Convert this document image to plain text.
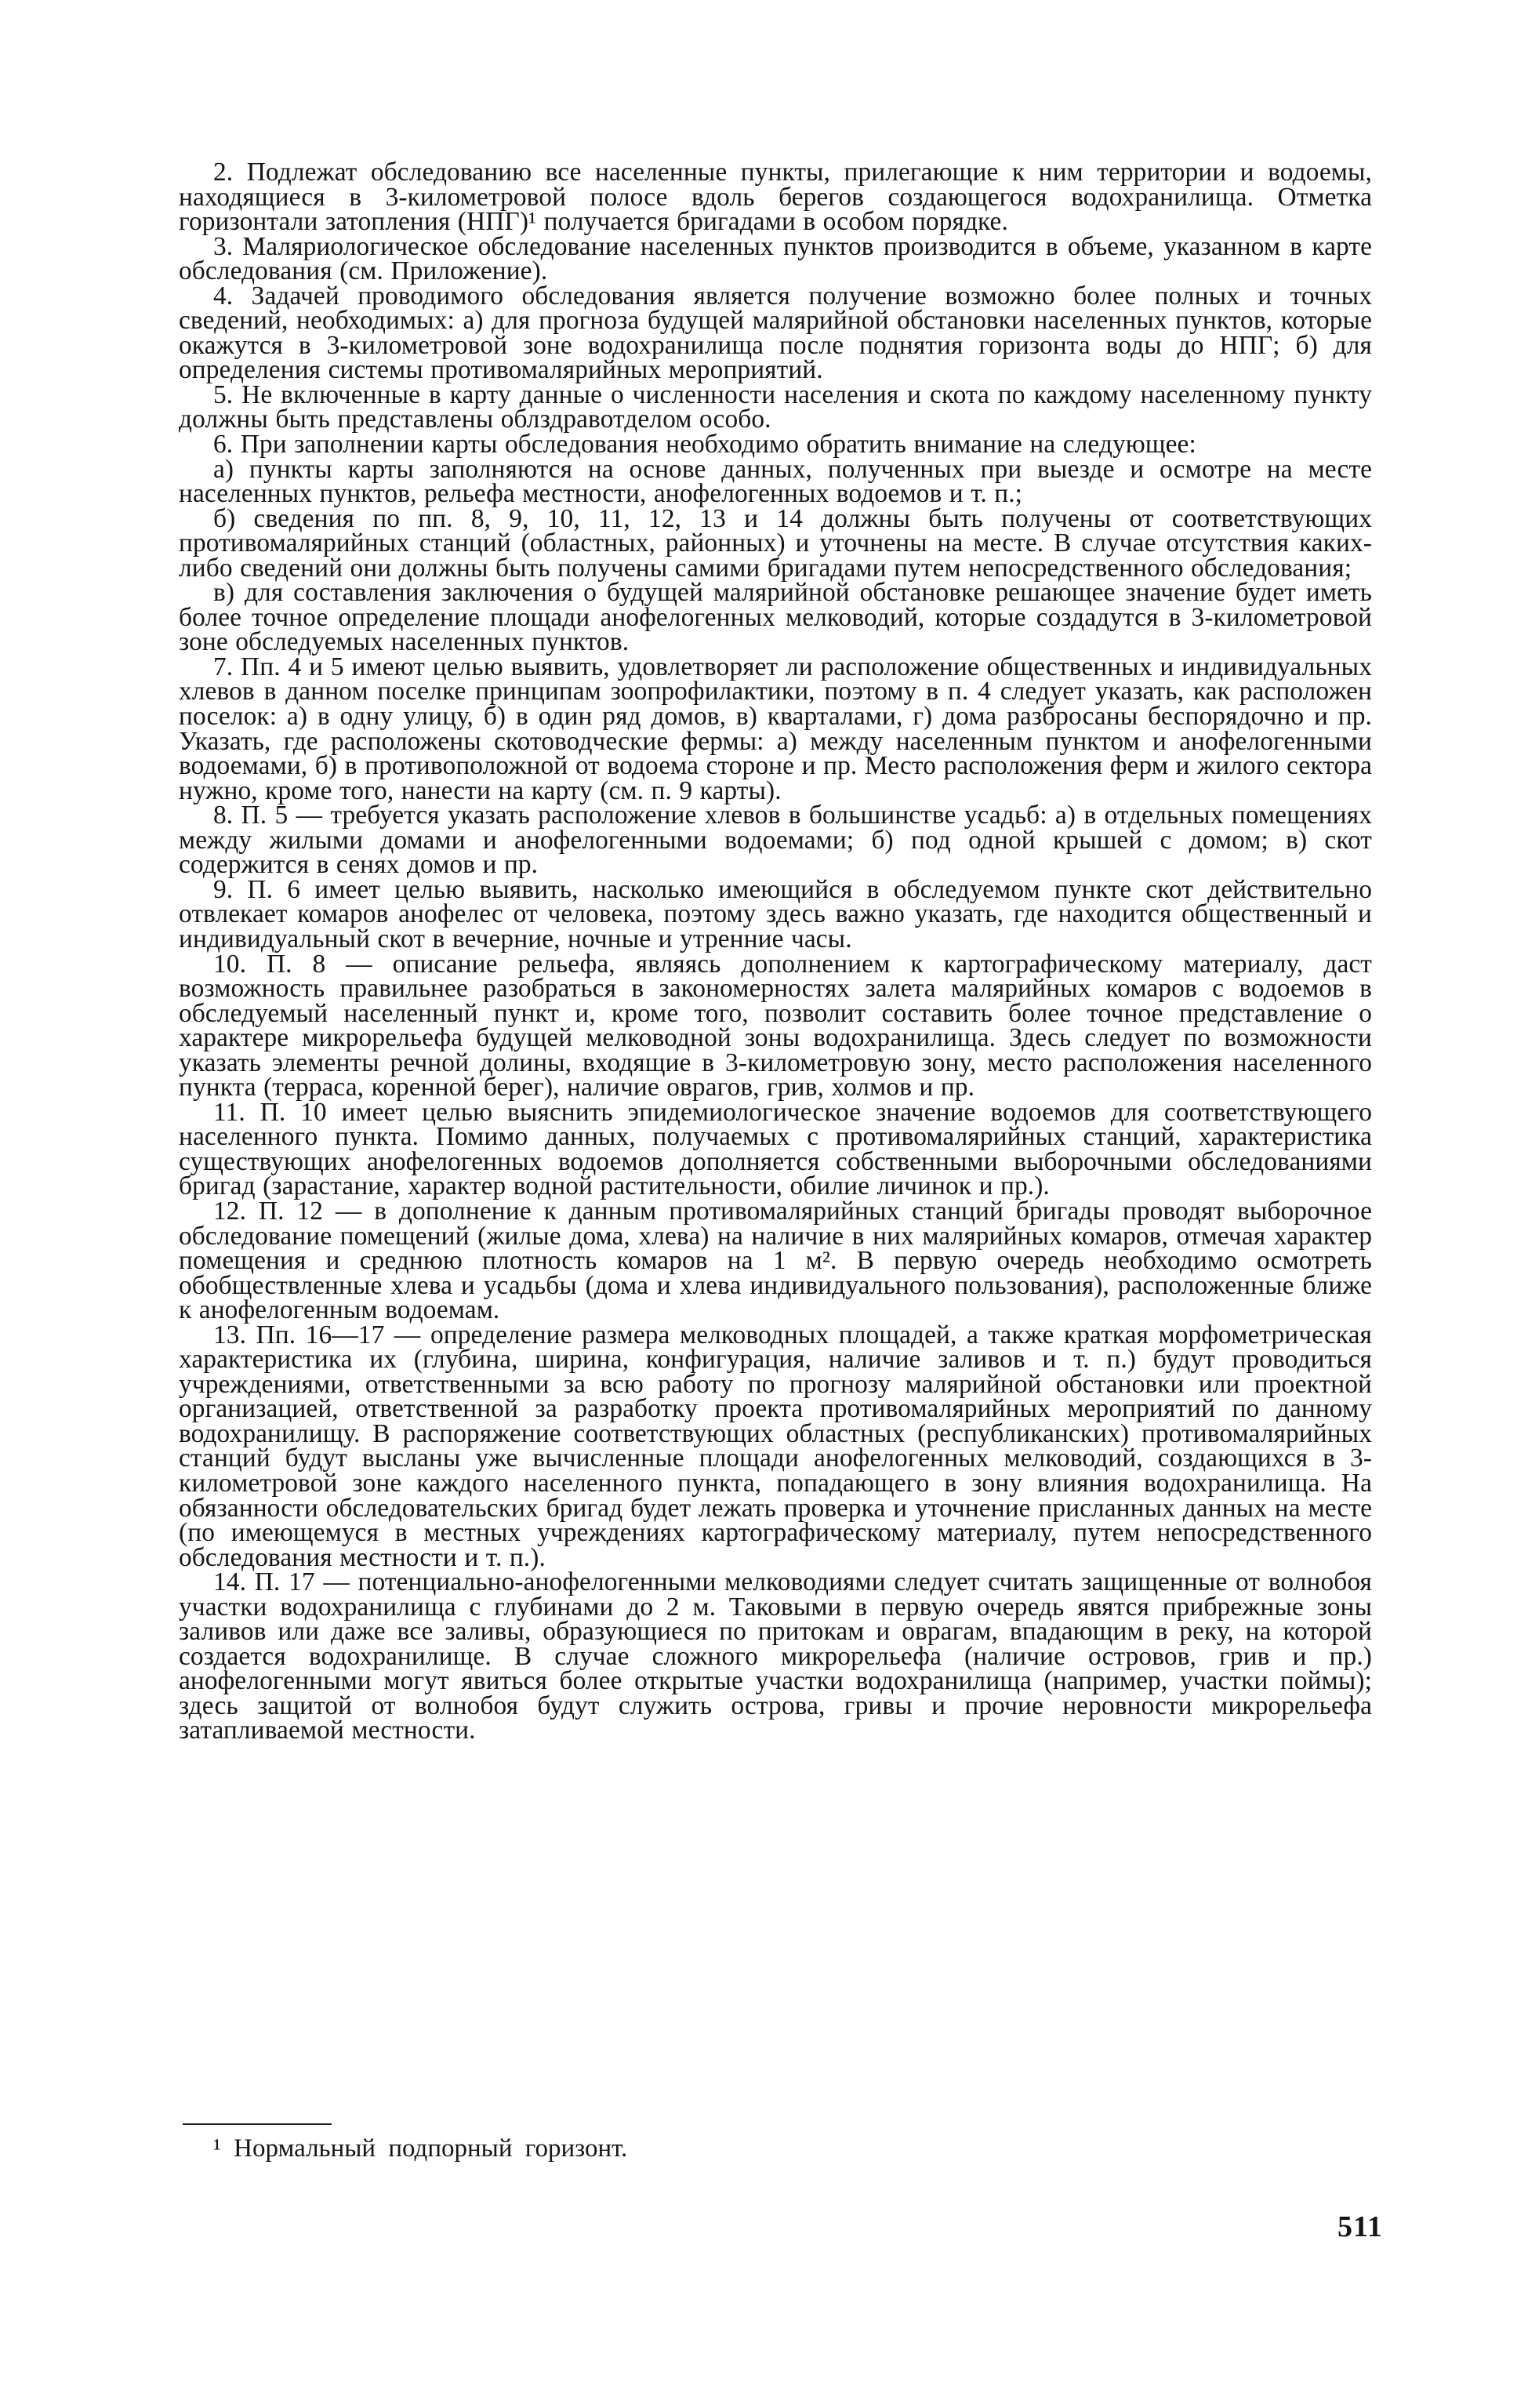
2. Подлежат обследованию все населенные пункты, прилегающие к ним территории и водоемы, находящиеся в 3-километровой полосе вдоль берегов создающегося водохранилища. Отметка горизонтали затопления (НПГ)¹ получается бригадами в особом порядке.

3. Маляриологическое обследование населенных пунктов производится в объеме, указанном в карте обследования (см. Приложение).

4. Задачей проводимого обследования является получение возможно более полных и точных сведений, необходимых: а) для прогноза будущей малярийной обстановки населенных пунктов, которые окажутся в 3-километровой зоне водохранилища после поднятия горизонта воды до НПГ; б) для определения системы противомалярийных мероприятий.

5. Не включенные в карту данные о численности населения и скота по каждому населенному пункту должны быть представлены облздравотделом особо.

6. При заполнении карты обследования необходимо обратить внимание на следующее:

а) пункты карты заполняются на основе данных, полученных при выезде и осмотре на месте населенных пунктов, рельефа местности, анофелогенных водоемов и т. п.;

б) сведения по пп. 8, 9, 10, 11, 12, 13 и 14 должны быть получены от соответствующих противомалярийных станций (областных, районных) и уточнены на месте. В случае отсутствия каких-либо сведений они должны быть получены самими бригадами путем непосредственного обследования;

в) для составления заключения о будущей малярийной обстановке решающее значение будет иметь более точное определение площади анофелогенных мелководий, которые создадутся в 3-километровой зоне обследуемых населенных пунктов.

7. Пп. 4 и 5 имеют целью выявить, удовлетворяет ли расположение общественных и индивидуальных хлевов в данном поселке принципам зоопрофилактики, поэтому в п. 4 следует указать, как расположен поселок: а) в одну улицу, б) в один ряд домов, в) кварталами, г) дома разбросаны беспорядочно и пр. Указать, где расположены скотоводческие фермы: а) между населенным пунктом и анофелогенными водоемами, б) в противоположной от водоема стороне и пр. Место расположения ферм и жилого сектора нужно, кроме того, нанести на карту (см. п. 9 карты).

8. П. 5 — требуется указать расположение хлевов в большинстве усадьб: а) в отдельных помещениях между жилыми домами и анофелогенными водоемами; б) под одной крышей с домом; в) скот содержится в сенях домов и пр.

9. П. 6 имеет целью выявить, насколько имеющийся в обследуемом пункте скот действительно отвлекает комаров анофелес от человека, поэтому здесь важно указать, где находится общественный и индивидуальный скот в вечерние, ночные и утренние часы.

10. П. 8 — описание рельефа, являясь дополнением к картографическому материалу, даст возможность правильнее разобраться в закономерностях залета малярийных комаров с водоемов в обследуемый населенный пункт и, кроме того, позволит составить более точное представление о характере микрорельефа будущей мелководной зоны водохранилища. Здесь следует по возможности указать элементы речной долины, входящие в 3-километровую зону, место расположения населенного пункта (терраса, коренной берег), наличие оврагов, грив, холмов и пр.

11. П. 10 имеет целью выяснить эпидемиологическое значение водоемов для соответствующего населенного пункта. Помимо данных, получаемых с противомалярийных станций, характеристика существующих анофелогенных водоемов дополняется собственными выборочными обследованиями бригад (зарастание, характер водной растительности, обилие личинок и пр.).

12. П. 12 — в дополнение к данным противомалярийных станций бригады проводят выборочное обследование помещений (жилые дома, хлева) на наличие в них малярийных комаров, отмечая характер помещения и среднюю плотность комаров на 1 м². В первую очередь необходимо осмотреть обобществленные хлева и усадьбы (дома и хлева индивидуального пользования), расположенные ближе к анофелогенным водоемам.

13. Пп. 16—17 — определение размера мелководных площадей, а также краткая морфометрическая характеристика их (глубина, ширина, конфигурация, наличие заливов и т. п.) будут проводиться учреждениями, ответственными за всю работу по прогнозу малярийной обстановки или проектной организацией, ответственной за разработку проекта противомалярийных мероприятий по данному водохранилищу. В распоряжение соответствующих областных (республиканских) противомалярийных станций будут высланы уже вычисленные площади анофелогенных мелководий, создающихся в 3-километровой зоне каждого населенного пункта, попадающего в зону влияния водохранилища. На обязанности обследовательских бригад будет лежать проверка и уточнение присланных данных на месте (по имеющемуся в местных учреждениях картографическому материалу, путем непосредственного обследования местности и т. п.).

14. П. 17 — потенциально-анофелогенными мелководиями следует считать защищенные от волнобоя участки водохранилища с глубинами до 2 м. Таковыми в первую очередь явятся прибрежные зоны заливов или даже все заливы, образующиеся по притокам и оврагам, впадающим в реку, на которой создается водохранилище. В случае сложного микрорельефа (наличие островов, грив и пр.) анофелогенными могут явиться более открытые участки водохранилища (например, участки поймы); здесь защитой от волнобоя будут служить острова, гривы и прочие неровности микрорельефа затапливаемой местности.

¹ Нормальный подпорный горизонт.
511
